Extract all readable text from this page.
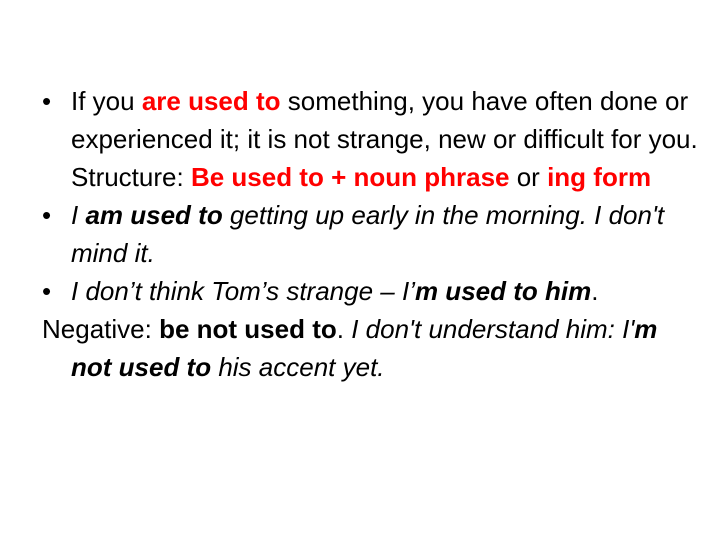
• If you are used to something, you have often done or experienced it; it is not strange, new or difficult for you.

Structure: Be used to + noun phrase or ing form

• I am used to getting up early in the morning. I don't mind it.

• I don’t think Tom’s strange – I’m used to him.

Negative: be not used to. I don't understand him: I'm not used to his accent yet.
